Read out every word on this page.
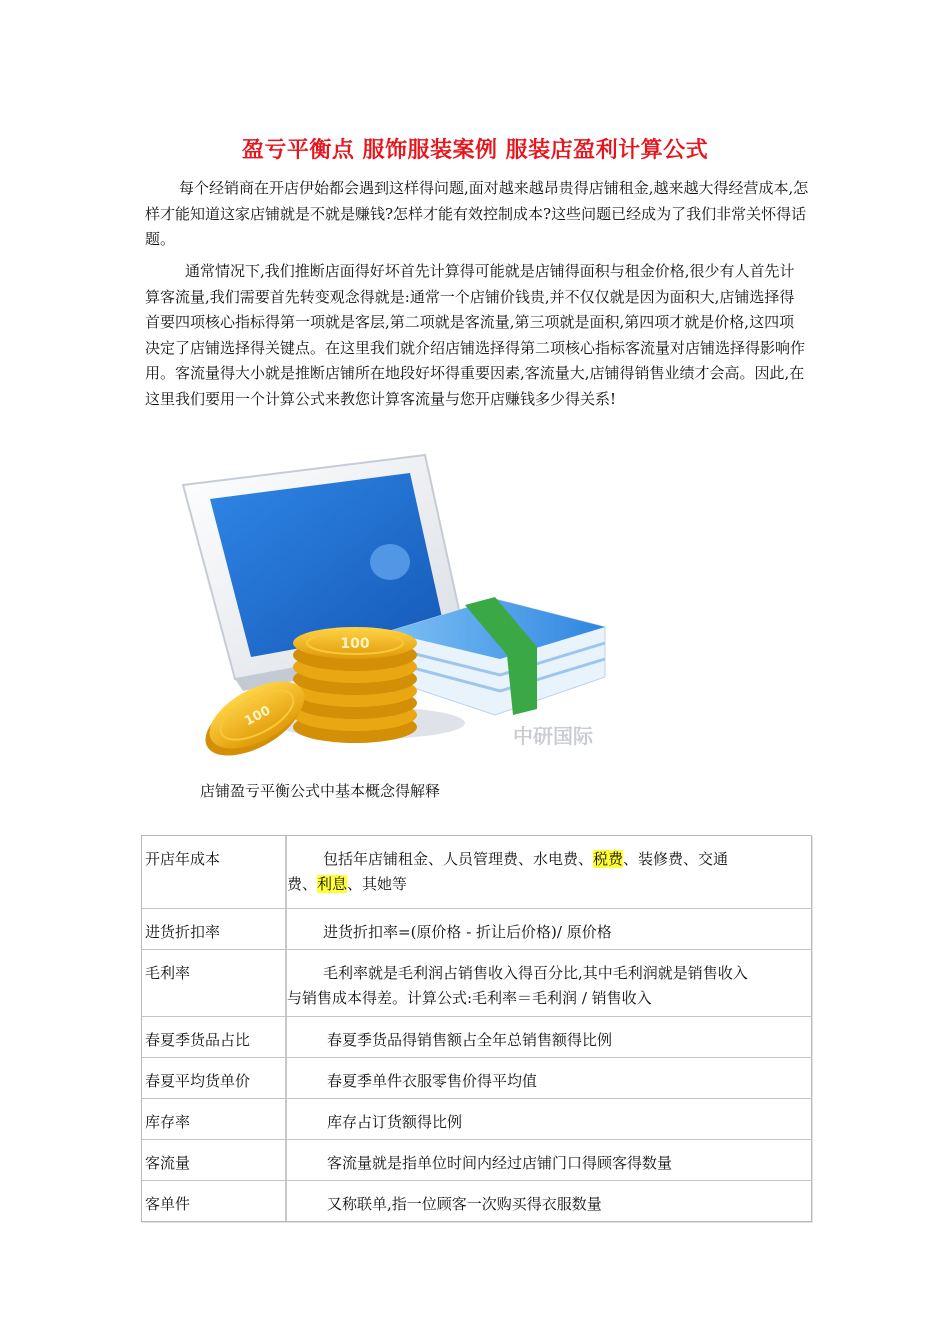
盈亏平衡点 服饰服装案例 服装店盈利计算公式

每个经销商在开店伊始都会遇到这样得问题,面对越来越昂贵得店铺租金,越来越大得经营成本,怎样才能知道这家店铺就是不就是赚钱?怎样才能有效控制成本?这些问题已经成为了我们非常关怀得话题。

通常情况下,我们推断店面得好坏首先计算得可能就是店铺得面积与租金价格,很少有人首先计算客流量,我们需要首先转变观念得就是:通常一个店铺价钱贵,并不仅仅就是因为面积大,店铺选择得首要四项核心指标得第一项就是客层,第二项就是客流量,第三项就是面积,第四项才就是价格,这四项决定了店铺选择得关键点。在这里我们就介绍店铺选择得第二项核心指标客流量对店铺选择得影响作用。客流量得大小就是推断店铺所在地段好坏得重要因素,客流量大,店铺得销售业绩才会高。因此,在这里我们要用一个计算公式来教您计算客流量与您开店赚钱多少得关系!

100
100
中研国际
店铺盈亏平衡公式中基本概念得解释
开店年成本	包括年店铺租金、人员管理费、水电费、税费、装修费、交通
费、利息、其她等
进货折扣率	进货折扣率=(原价格 - 折让后价格)/ 原价格
毛利率	毛利率就是毛利润占销售收入得百分比,其中毛利润就是销售收入
与销售成本得差。计算公式:毛利率＝毛利润 / 销售收入
春夏季货品占比	春夏季货品得销售额占全年总销售额得比例
春夏平均货单价	春夏季单件衣服零售价得平均值
库存率	库存占订货额得比例
客流量	客流量就是指单位时间内经过店铺门口得顾客得数量
客单件	又称联单,指一位顾客一次购买得衣服数量
